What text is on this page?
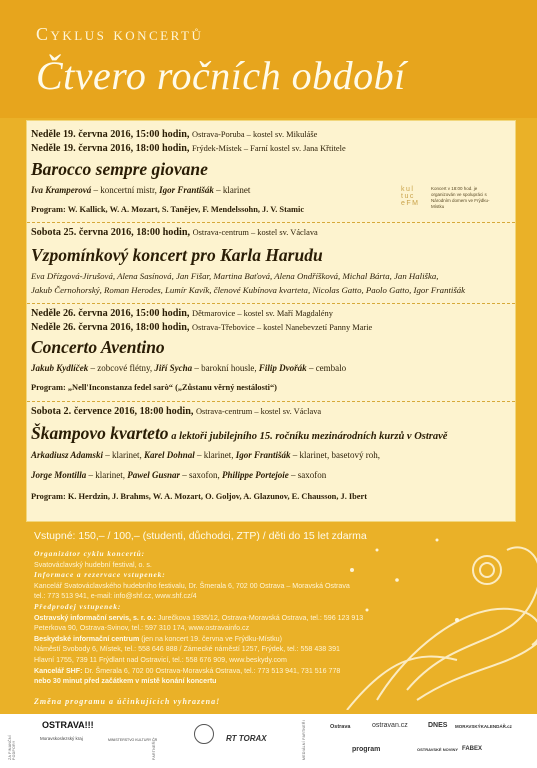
Cyklus koncertů
Čtvero ročních období
Neděle 19. června 2016, 15:00 hodin, Ostrava-Poruba – kostel sv. Mikuláše
Neděle 19. června 2016, 18:00 hodin, Frýdek-Místek – Farní kostel sv. Jana Křtitele
Barocco sempre giovane
Iva Kramperová – koncertní mistr, Igor Františák – klarinet
Program: W. Kallick, W. A. Mozart, S. Tanějev, F. Mendelssohn, J. V. Stamic
kul
tuc
eFM
Koncert v 18:00 hod. je organizován ve spolupráci s Národním domem ve Frýdku-Místku
Sobota 25. června 2016, 18:00 hodin, Ostrava-centrum – kostel sv. Václava
Vzpomínkový koncert pro Karla Harudu
Eva Dřízgová-Jirušová, Alena Sasínová, Jan Fišar, Martina Baťová, Alena Ondříšková, Michal Bárta, Jan Hališka,
Jakub Černohorský, Roman Herodes, Lumír Kavík, členové Kubínova kvarteta, Nicolas Gatto, Paolo Gatto, Igor Františák
Neděle 26. června 2016, 15:00 hodin, Dětmarovice – kostel sv. Maří Magdalény
Neděle 26. června 2016, 18:00 hodin, Ostrava-Třebovice – kostel Nanebevzetí Panny Marie
Concerto Aventino
Jakub Kydlíček – zobcové flétny, Jiří Sycha – barokní housle, Filip Dvořák – cembalo
Program: „Nell'Inconstanza fedel sarò“ („Zůstanu věrný nestálosti“)
Sobota 2. července 2016, 18:00 hodin, Ostrava-centrum – kostel sv. Václava
Škampovo kvarteto a lektoři jubilejního 15. ročníku mezinárodních kurzů v Ostravě
Arkadiusz Adamski – klarinet, Karel Dohnal – klarinet, Igor Františák – klarinet, basetový roh,
Jorge Montilla – klarinet, Pawel Gusnar – saxofon, Philippe Portejoie – saxofon
Program: K. Herdzin, J. Brahms, W. A. Mozart, O. Goljov, A. Glazunov, E. Chausson, J. Ibert
Vstupné: 150,– / 100,– (studenti, důchodci, ZTP) / děti do 15 let zdarma
Organizátor cyklu koncertů:
Svatováclavský hudební festival, o. s.
Informace a rezervace vstupenek:
Kancelář Svatováclavského hudebního festivalu, Dr. Šmerala 6, 702 00 Ostrava – Moravská Ostrava
tel.: 773 513 941, e-mail: info@shf.cz, www.shf.cz/4
Předprodej vstupenek:
Ostravský informační servis, s. r. o.: Jurečkova 1935/12, Ostrava-Moravská Ostrava, tel.: 596 123 913
Peterkova 90, Ostrava-Svinov, tel.: 597 310 174, www.ostravainfo.cz
Beskydské informační centrum (jen na koncert 19. června ve Frýdku-Místku)
Náměstí Svobody 6, Místek, tel.: 558 646 888 / Zámecké náměstí 1257, Frýdek, tel.: 558 438 391
Hlavní 1755, 739 11 Frýdlant nad Ostravicí, tel.: 558 676 909, www.beskydy.com
Kancelář SHF: Dr. Šmerala 6, 702 00 Ostrava-Moravská Ostrava, tel.: 773 513 941, 731 516 778
nebo 30 minut před začátkem v místě konání koncertu
Změna programu a účinkujících vyhrazena!
ZA FINANČNÍ PODPORY
OSTRAVA!!!
Moravskoslezský kraj	MINISTERSTVO KULTURY ČR
PARTNEŘI
RT TORAX	MEDIÁLNÍ PARTNEŘI	Ostrava	ostravan.cz	DNES MORAVSKÝKALENDÁŘ.cz
program	OSTRAVSKÉ NOVINY FABEX
